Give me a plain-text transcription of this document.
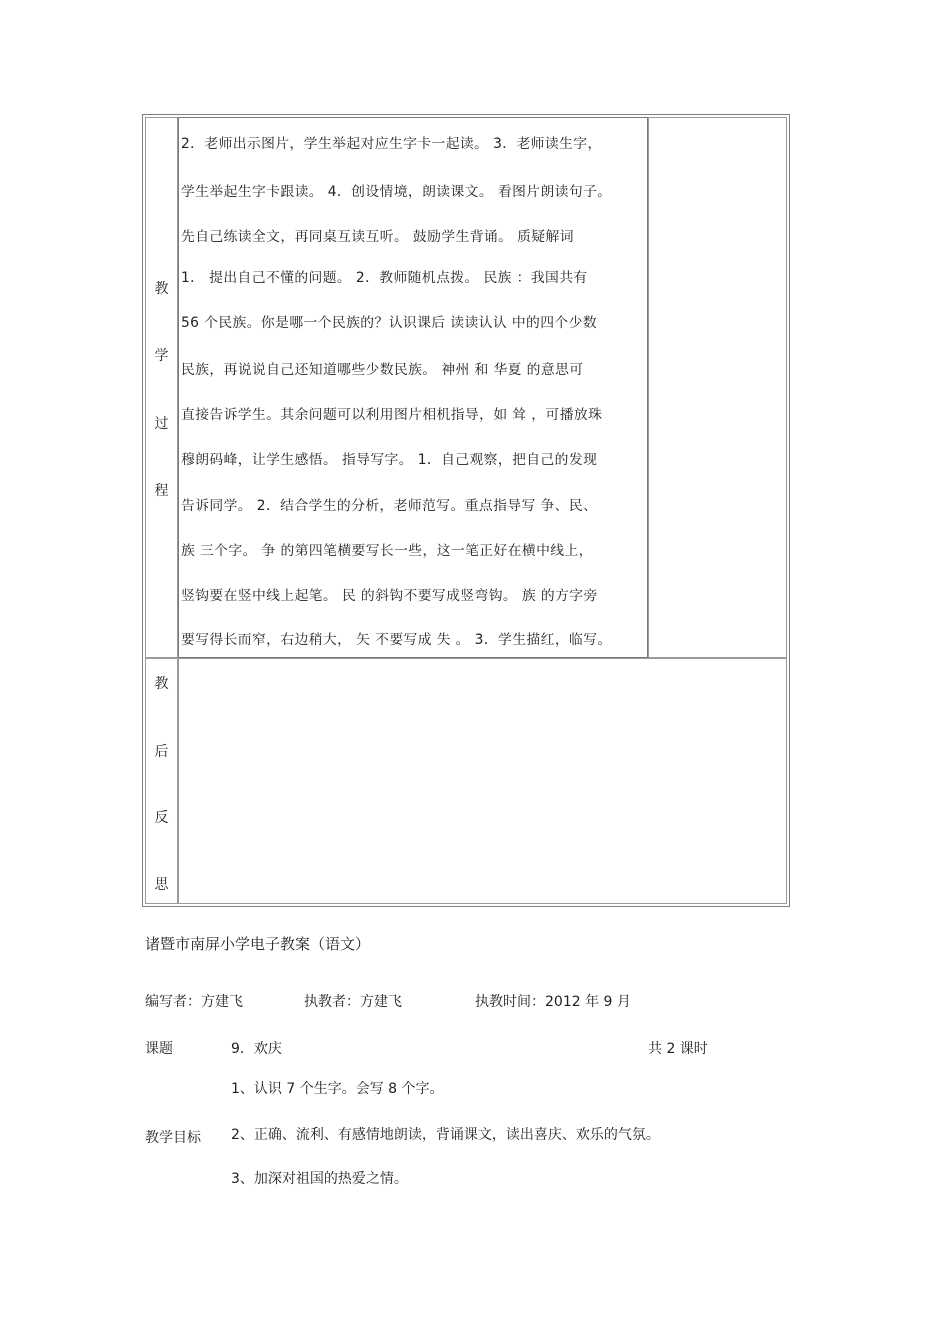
教
学
过
程
2．老师出示图片，学生举起对应生字卡一起读。 3．老师读生字，
学生举起生字卡跟读。 4．创设情境，朗读课文。 看图片朗读句子。
先自己练读全文，再同桌互读互听。 鼓励学生背诵。 质疑解词
1． 提出自己不懂的问题。 2．教师随机点拨。 民族 ：我国共有
56 个民族。你是哪一个民族的？认识课后 读读认认 中的四个少数
民族，再说说自己还知道哪些少数民族。 神州 和 华夏 的意思可
直接告诉学生。其余问题可以利用图片相机指导，如 耸 ，可播放珠
穆朗码峰，让学生感悟。 指导写字。 1．自己观察，把自己的发现
告诉同学。 2．结合学生的分析，老师范写。重点指导写 争、民、
族 三个字。 争 的第四笔横要写长一些，这一笔正好在横中线上，
竖钩要在竖中线上起笔。 民 的斜钩不要写成竖弯钩。 族 的方字旁
要写得长而窄，右边稍大， 矢 不要写成 失 。 3．学生描红，临写。
教
后
反
思
诸暨市南屏小学电子教案（语文）
编写者：方建飞	执教者：方建飞	执教时间：2012 年 9 月
课题	9．欢庆	共 2 课时
1、认识 7 个生字。会写 8 个字。
教学目标 2、正确、流利、有感情地朗读，背诵课文，读出喜庆、欢乐的气氛。
3、加深对祖国的热爱之情。
